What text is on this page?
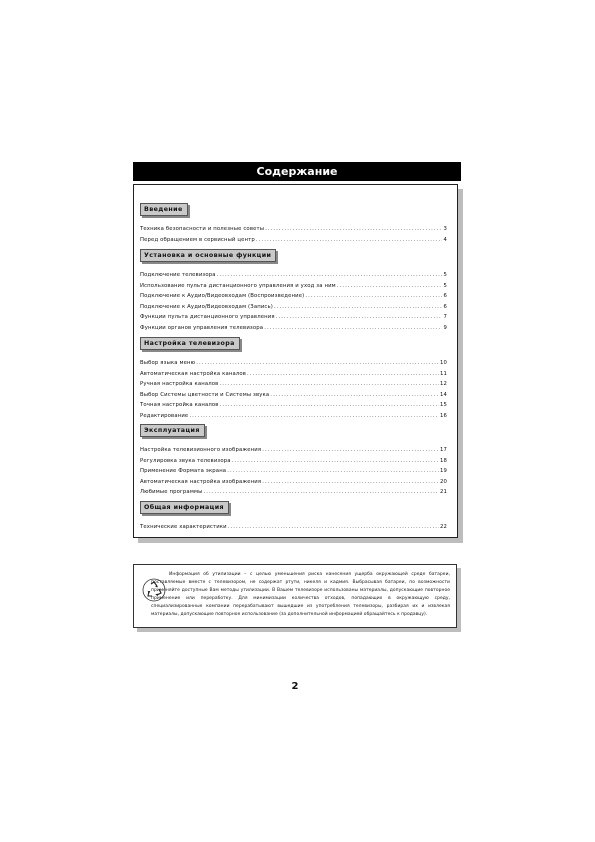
Содержание
Введение
Техника безопасности и полезные советы . . .	3
Перед обращением в сервисный центр . . .	4
Установка и основные функции
Подключение телевизора . . .	5
Использование пульта дистанционного управления и уход за ним . . .	5
Подключение к Аудио/Видеовходам (Воспроизведение) . . .	6
Подключение к Аудио/Видеовходам (Запись) . . .	6
Функции пульта дистанционного управления . . .	7
Функции органов управления телевизора . . .	9
Настройка телевизора
Выбор языка меню . . .	10
Автоматическая настройка каналов . . .	11
Ручная настройка каналов . . .	12
Выбор Системы цветности и Системы звука . . .	14
Точная настройка каналов . . .	15
Редактирование . . .	16
Эксплуатация
Настройка телевизионного изображения . . .	17
Регулировка звука телевизора . . .	18
Применение Формата экрана . . .	19
Автоматическая настройка изображения . . .	20
Любимые программы . . .	21
Общая информация
Технические характеристики . . .	22
Информация об утилизации – с целью уменьшения риска нанесения ущерба окружающей среде батареи, поставляемые вместе с телевизором, не содержат ртути, никеля и кадмия. Выбрасывая батареи, по возможности применяйте доступные Вам методы утилизации. В Вашем телевизоре использованы материалы, допускающие повторное применение или переработку. Для минимизации количества отходов, попадающих в окружающую среду, специализированные компании перерабатывают вышедшие из употребления телевизоры, разбирая их и извлекая материалы, допускающие повторное использование (за дополнительной информацией обращайтесь к продавцу).
2
